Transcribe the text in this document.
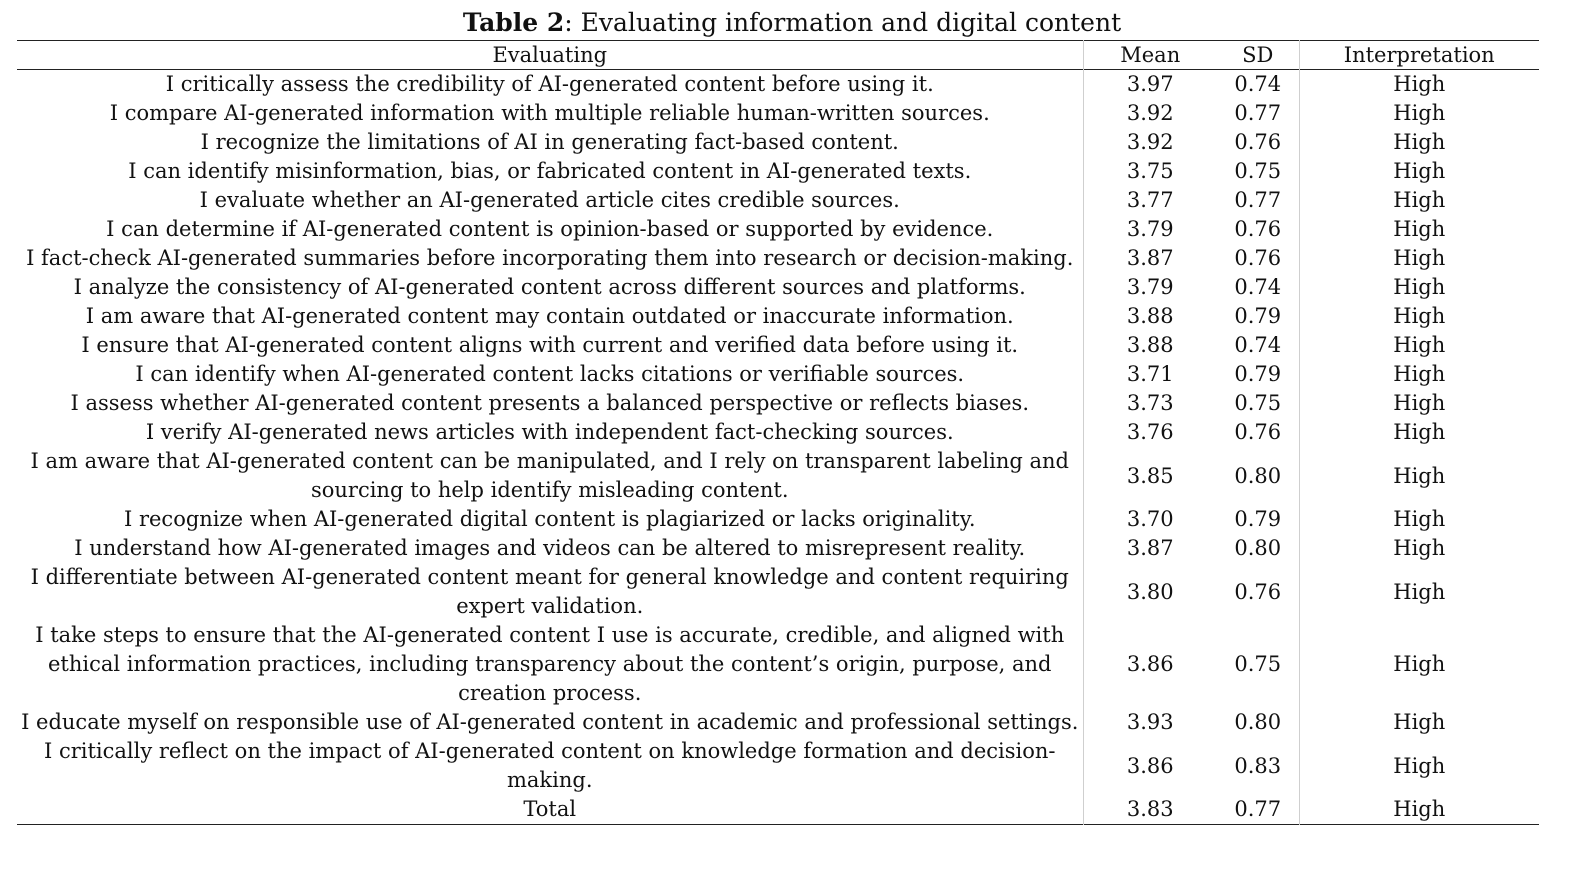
Table 2: Evaluating information and digital content
Evaluating	Mean	SD	Interpretation
I critically assess the credibility of AI-generated content before using it.	3.97	0.74	High
I compare AI-generated information with multiple reliable human-written sources.	3.92	0.77	High
I recognize the limitations of AI in generating fact-based content.	3.92	0.76	High
I can identify misinformation, bias, or fabricated content in AI-generated texts.	3.75	0.75	High
I evaluate whether an AI-generated article cites credible sources.	3.77	0.77	High
I can determine if AI-generated content is opinion-based or supported by evidence.	3.79	0.76	High
I fact-check AI-generated summaries before incorporating them into research or decision-making.	3.87	0.76	High
I analyze the consistency of AI-generated content across different sources and platforms.	3.79	0.74	High
I am aware that AI-generated content may contain outdated or inaccurate information.	3.88	0.79	High
I ensure that AI-generated content aligns with current and verified data before using it.	3.88	0.74	High
I can identify when AI-generated content lacks citations or verifiable sources.	3.71	0.79	High
I assess whether AI-generated content presents a balanced perspective or reflects biases.	3.73	0.75	High
I verify AI-generated news articles with independent fact-checking sources.	3.76	0.76	High
I am aware that AI-generated content can be manipulated, and I rely on transparent labeling and sourcing to help identify misleading content.	3.85	0.80	High
I recognize when AI-generated digital content is plagiarized or lacks originality.	3.70	0.79	High
I understand how AI-generated images and videos can be altered to misrepresent reality.	3.87	0.80	High
I differentiate between AI-generated content meant for general knowledge and content requiring expert validation.	3.80	0.76	High
I take steps to ensure that the AI-generated content I use is accurate, credible, and aligned with ethical information practices, including transparency about the content’s origin, purpose, and creation process.	3.86	0.75	High
I educate myself on responsible use of AI-generated content in academic and professional settings.	3.93	0.80	High
I critically reflect on the impact of AI-generated content on knowledge formation and decision-making.	3.86	0.83	High
Total	3.83	0.77	High
